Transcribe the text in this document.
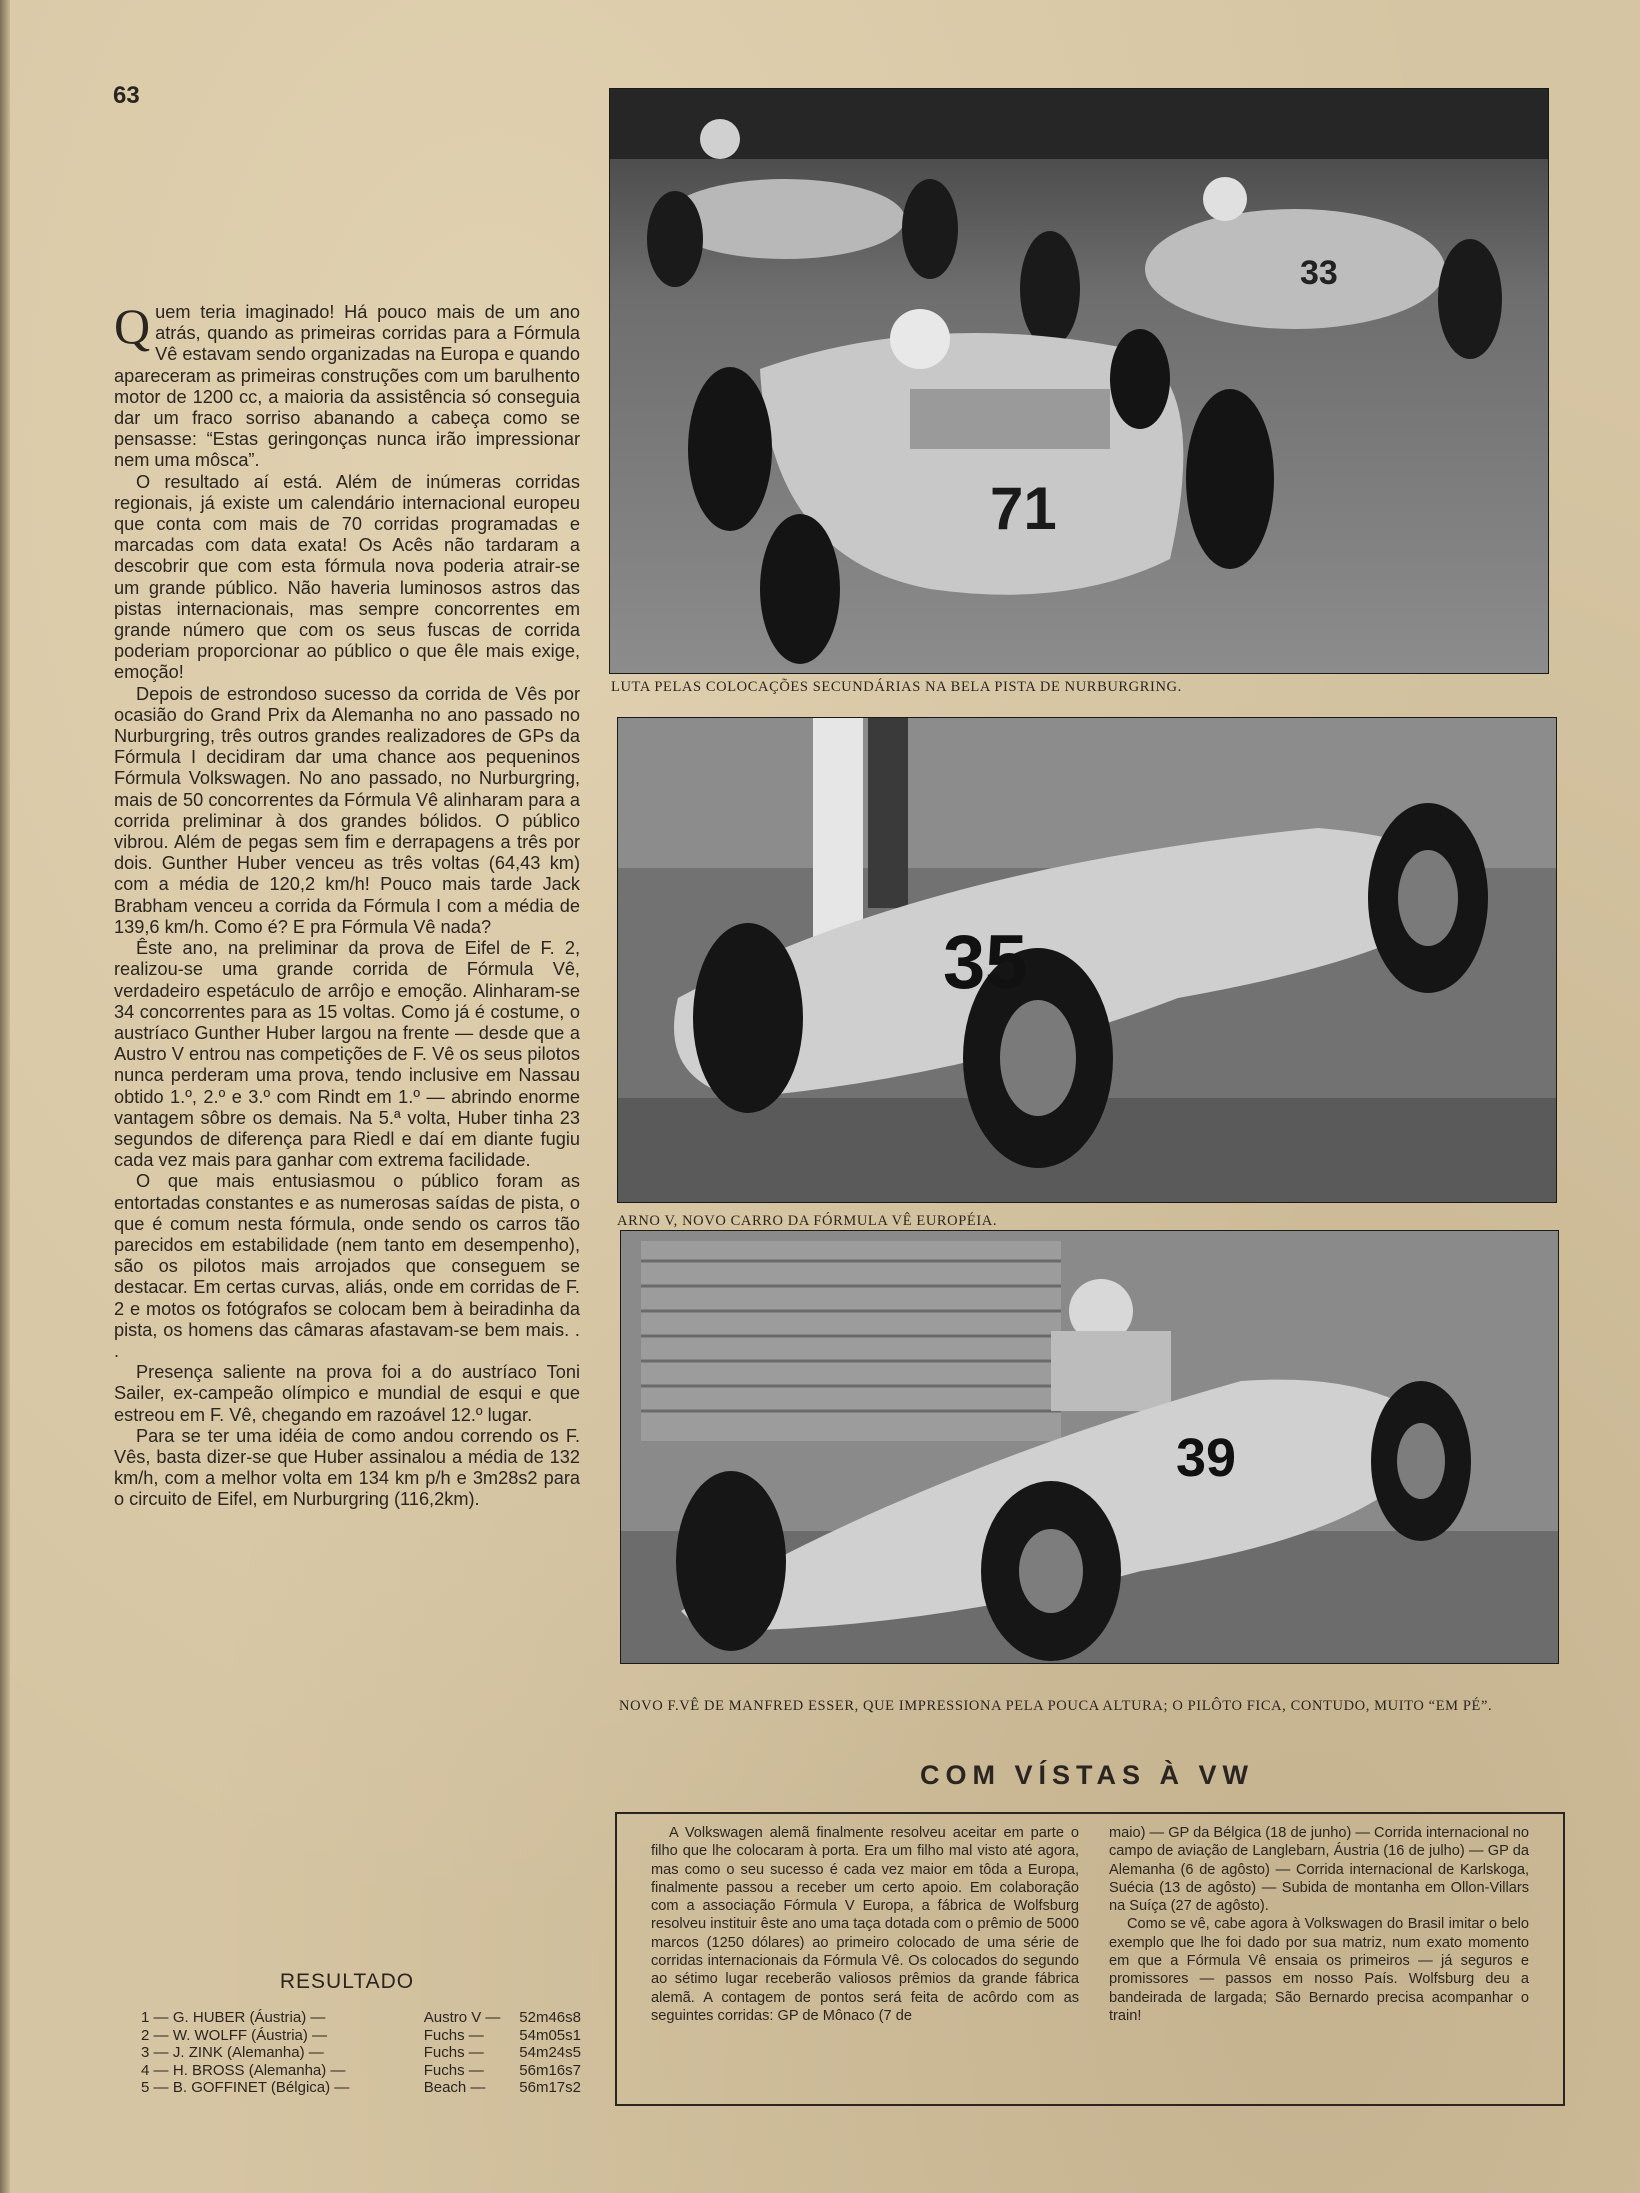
63

Quem teria imaginado! Há pouco mais de um ano atrás, quando as primeiras corridas para a Fórmula Vê estavam sendo organizadas na Europa e quando apareceram as primeiras construções com um barulhento motor de 1200 cc, a maioria da assistência só conseguia dar um fraco sorriso abanando a cabeça como se pensasse: “Estas geringonças nunca irão impressionar nem uma môsca”.

O resultado aí está. Além de inúmeras corridas regionais, já existe um calendário internacional europeu que conta com mais de 70 corridas programadas e marcadas com data exata! Os Acês não tardaram a descobrir que com esta fórmula nova poderia atrair-se um grande público. Não haveria luminosos astros das pistas internacionais, mas sempre concorrentes em grande número que com os seus fuscas de corrida poderiam proporcionar ao público o que êle mais exige, emoção!

Depois de estrondoso sucesso da corrida de Vês por ocasião do Grand Prix da Alemanha no ano passado no Nurburgring, três outros grandes realizadores de GPs da Fórmula I decidiram dar uma chance aos pequeninos Fórmula Volkswagen. No ano passado, no Nurburgring, mais de 50 concorrentes da Fórmula Vê alinharam para a corrida preliminar à dos grandes bólidos. O público vibrou. Além de pegas sem fim e derrapagens a três por dois. Gunther Huber venceu as três voltas (64,43 km) com a média de 120,2 km/h! Pouco mais tarde Jack Brabham venceu a corrida da Fórmula I com a média de 139,6 km/h. Como é? E pra Fórmula Vê nada?

Êste ano, na preliminar da prova de Eifel de F. 2, realizou-se uma grande corrida de Fórmula Vê, verdadeiro espetáculo de arrôjo e emoção. Alinharam-se 34 concorrentes para as 15 voltas. Como já é costume, o austríaco Gunther Huber largou na frente — desde que a Austro V entrou nas competições de F. Vê os seus pilotos nunca perderam uma prova, tendo inclusive em Nassau obtido 1.º, 2.º e 3.º com Rindt em 1.º — abrindo enorme vantagem sôbre os demais. Na 5.ª volta, Huber tinha 23 segundos de diferença para Riedl e daí em diante fugiu cada vez mais para ganhar com extrema facilidade.

O que mais entusiasmou o público foram as entortadas constantes e as numerosas saídas de pista, o que é comum nesta fórmula, onde sendo os carros tão parecidos em estabilidade (nem tanto em desempenho), são os pilotos mais arrojados que conseguem se destacar. Em certas curvas, aliás, onde em corridas de F. 2 e motos os fotógrafos se colocam bem à beiradinha da pista, os homens das câmaras afastavam-se bem mais. . .

Presença saliente na prova foi a do austríaco Toni Sailer, ex-campeão olímpico e mundial de esqui e que estreou em F. Vê, chegando em razoável 12.º lugar.

Para se ter uma idéia de como andou correndo os F. Vês, basta dizer-se que Huber assinalou a média de 132 km/h, com a melhor volta em 134 km p/h e 3m28s2 para o circuito de Eifel, em Nurburgring (116,2km).

RESULTADO
1 — G. HUBER (Áustria) —	Austro V —	52m46s8
2 — W. WOLFF (Áustria) —	Fuchs —	54m05s1
3 — J. ZINK (Alemanha) —	Fuchs —	54m24s5
4 — H. BROSS (Alemanha) —	Fuchs —	56m16s7
5 — B. GOFFINET (Bélgica) —	Beach —	56m17s2
33
71
LUTA PELAS COLOCAÇÕES SECUNDÁRIAS NA BELA PISTA DE NURBURGRING.
35
ARNO V, NOVO CARRO DA FÓRMULA VÊ EUROPÉIA.
39
NOVO F.VÊ DE MANFRED ESSER, QUE IMPRESSIONA PELA POUCA ALTURA; O PILÔTO FICA, CONTUDO, MUITO “EM PÉ”.
COM VÍSTAS À VW

A Volkswagen alemã finalmente resolveu aceitar em parte o filho que lhe colocaram à porta. Era um filho mal visto até agora, mas como o seu sucesso é cada vez maior em tôda a Europa, finalmente passou a receber um certo apoio. Em colaboração com a associação Fórmula V Europa, a fábrica de Wolfsburg resolveu instituir êste ano uma taça dotada com o prêmio de 5000 marcos (1250 dólares) ao primeiro colocado de uma série de corridas internacionais da Fórmula Vê. Os colocados do segundo ao sétimo lugar receberão valiosos prêmios da grande fábrica alemã. A contagem de pontos será feita de acôrdo com as seguintes corridas: GP de Mônaco (7 de

maio) — GP da Bélgica (18 de junho) — Corrida internacional no campo de aviação de Langlebarn, Áustria (16 de julho) — GP da Alemanha (6 de agôsto) — Corrida internacional de Karlskoga, Suécia (13 de agôsto) — Subida de montanha em Ollon-Villars na Suíça (27 de agôsto).

Como se vê, cabe agora à Volkswagen do Brasil imitar o belo exemplo que lhe foi dado por sua matriz, num exato momento em que a Fórmula Vê ensaia os primeiros — já seguros e promissores — passos em nosso País. Wolfsburg deu a bandeirada de largada; São Bernardo precisa acompanhar o train!
